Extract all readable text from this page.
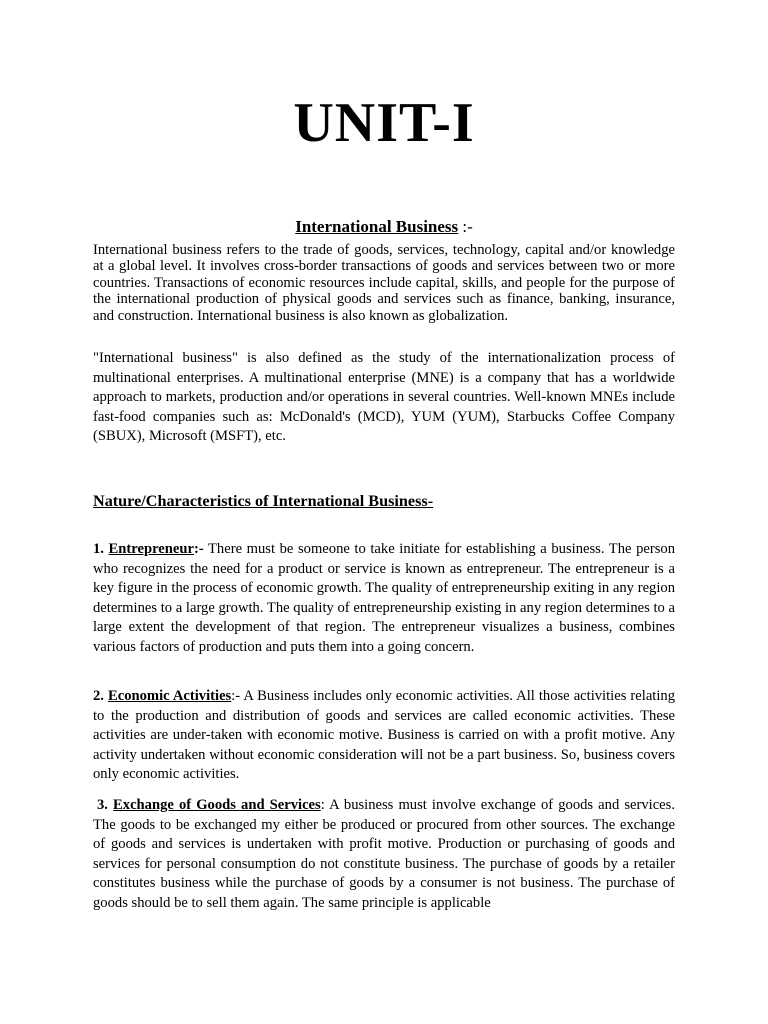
UNIT-I
International Business :-

International business refers to the trade of goods, services, technology, capital and/or knowledge at a global level. It involves cross-border transactions of goods and services between two or more countries. Transactions of economic resources include capital, skills, and people for the purpose of the international production of physical goods and services such as finance, banking, insurance, and construction. International business is also known as globalization.

"International business" is also defined as the study of the internationalization process of multinational enterprises. A multinational enterprise (MNE) is a company that has a worldwide approach to markets, production and/or operations in several countries. Well-known MNEs include fast-food companies such as: McDonald's (MCD), YUM (YUM), Starbucks Coffee Company (SBUX), Microsoft (MSFT), etc.

Nature/Characteristics of International Business-

1. Entrepreneur:- There must be someone to take initiate for establishing a business. The person who recognizes the need for a product or service is known as entrepreneur. The entrepreneur is a key figure in the process of economic growth. The quality of entrepreneurship exiting in any region determines to a large growth. The quality of entrepreneurship existing in any region determines to a large extent the development of that region. The entrepreneur visualizes a business, combines various factors of production and puts them into a going concern.

2. Economic Activities:- A Business includes only economic activities. All those activities relating to the production and distribution of goods and services are called economic activities. These activities are under-taken with economic motive. Business is carried on with a profit motive. Any activity undertaken without economic consideration will not be a part business. So, business covers only economic activities.

3. Exchange of Goods and Services: A business must involve exchange of goods and services. The goods to be exchanged my either be produced or procured from other sources. The exchange of goods and services is undertaken with profit motive. Production or purchasing of goods and services for personal consumption do not constitute business. The purchase of goods by a retailer constitutes business while the purchase of goods by a consumer is not business. The purchase of goods should be to sell them again. The same principle is applicable
